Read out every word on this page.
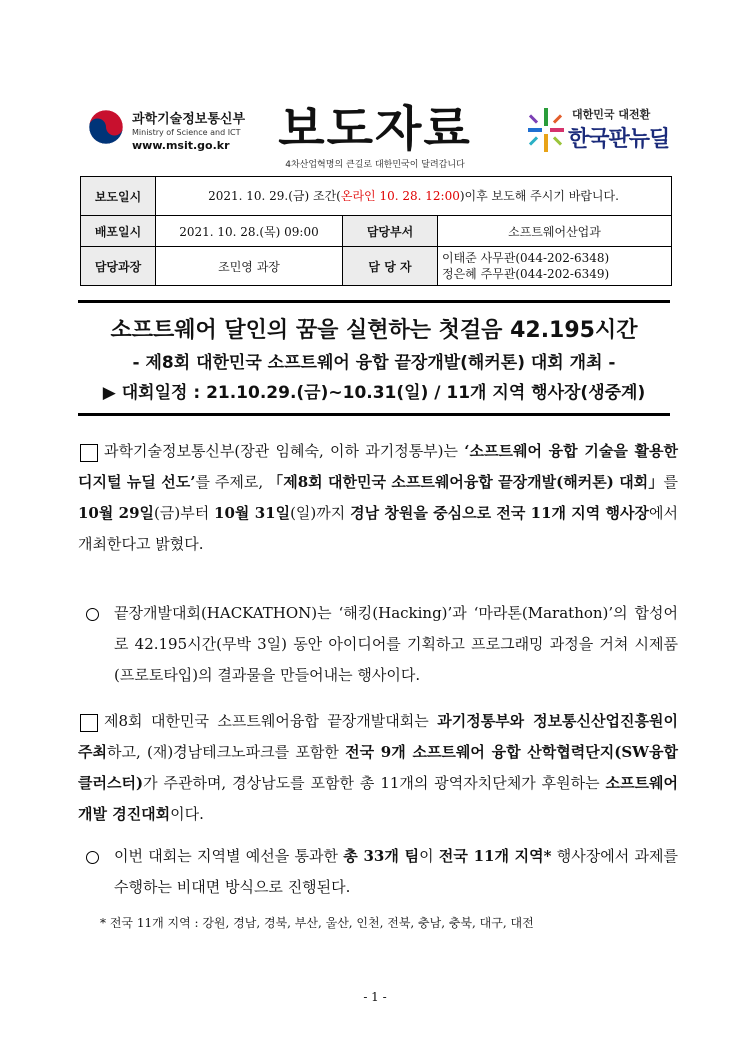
과학기술정보통신부
Ministry of Science and ICT
www.msit.go.kr	보도자료
4차산업혁명의 큰길로 대한민국이 달려갑니다
대한민국 대전환
한국판뉴딜
보도일시	2021. 10. 29.(금) 조간(온라인 10. 28. 12:00)이후 보도해 주시기 바랍니다.		
배포일시	2021. 10. 28.(목) 09:00	담당부서	소프트웨어산업과
담당과장	조민영 과장	담 당 자	이태준 사무관(044-202-6348)
정은혜 주무관(044-202-6349)
소프트웨어 달인의 꿈을 실현하는 첫걸음 42.195시간
- 제8회 대한민국 소프트웨어 융합 끝장개발(해커톤) 대회 개최 -
▶ 대회일정 : 21.10.29.(금)~10.31(일) / 11개 지역 행사장(생중계)
과학기술정보통신부(장관 임혜숙, 이하 과기정통부)는 ‘소프트웨어 융합 기술을 활용한 디지털 뉴딜 선도’를 주제로, 「제8회 대한민국 소프트웨어융합 끝장개발(해커톤) 대회」를 10월 29일(금)부터 10월 31일(일)까지 경남 창원을 중심으로 전국 11개 지역 행사장에서 개최한다고 밝혔다.
끝장개발대회(HACKATHON)는 ‘해킹(Hacking)’과 ‘마라톤(Marathon)’의 합성어로 42.195시간(무박 3일) 동안 아이디어를 기획하고 프로그래밍 과정을 거쳐 시제품(프로토타입)의 결과물을 만들어내는 행사이다.
제8회 대한민국 소프트웨어융합 끝장개발대회는 과기정통부와 정보통신산업진흥원이 주최하고, (재)경남테크노파크를 포함한 전국 9개 소프트웨어 융합 산학협력단지(SW융합클러스터)가 주관하며, 경상남도를 포함한 총 11개의 광역자치단체가 후원하는 소프트웨어개발 경진대회이다.
이번 대회는 지역별 예선을 통과한 총 33개 팀이 전국 11개 지역* 행사장에서 과제를 수행하는 비대면 방식으로 진행된다.
* 전국 11개 지역 : 강원, 경남, 경북, 부산, 울산, 인천, 전북, 충남, 충북, 대구, 대전
- 1 -
